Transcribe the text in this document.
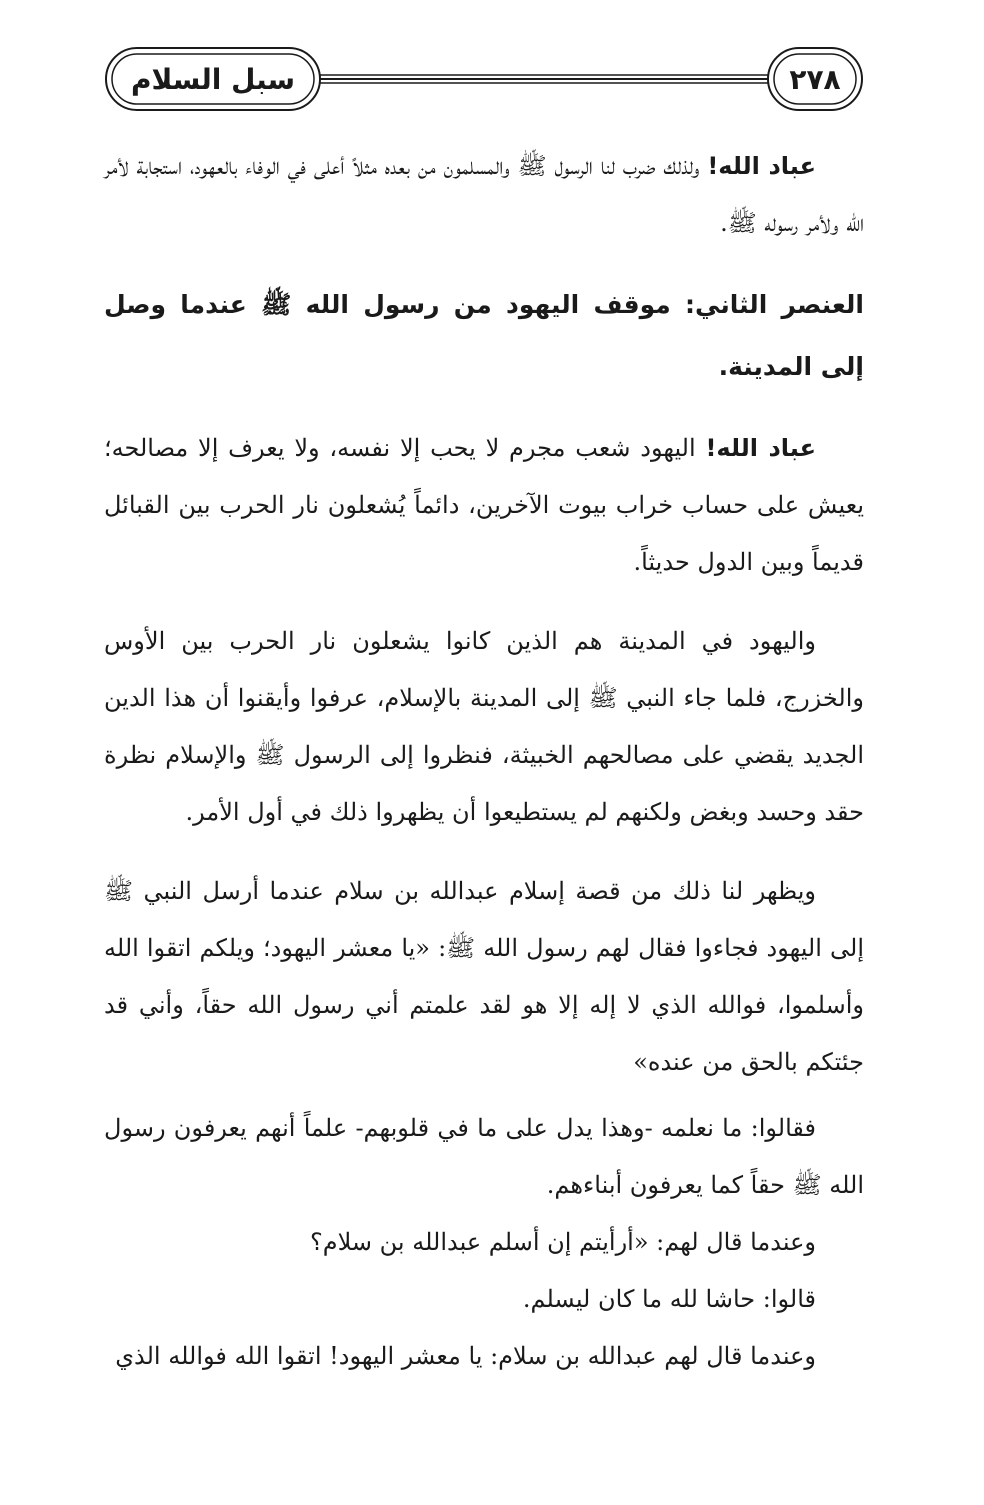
سبل السلام	٢٧٨

عباد الله! ولذلك ضرب لنا الرسول ﷺ والمسلمون من بعده مثلاً أعلى في الوفاء بالعهود، استجابة لأمر الله ولأمر رسوله ﷺ.

العنصر الثاني: موقف اليهود من رسول الله ﷺ عندما وصل إلى المدينة.

عباد الله! اليهود شعب مجرم لا يحب إلا نفسه، ولا يعرف إلا مصالحه؛ يعيش على حساب خراب بيوت الآخرين، دائماً يُشعلون نار الحرب بين القبائل قديماً وبين الدول حديثاً.

واليهود في المدينة هم الذين كانوا يشعلون نار الحرب بين الأوس والخزرج، فلما جاء النبي ﷺ إلى المدينة بالإسلام، عرفوا وأيقنوا أن هذا الدين الجديد يقضي على مصالحهم الخبيثة، فنظروا إلى الرسول ﷺ والإسلام نظرة حقد وحسد وبغض ولكنهم لم يستطيعوا أن يظهروا ذلك في أول الأمر.

ويظهر لنا ذلك من قصة إسلام عبدالله بن سلام عندما أرسل النبي ﷺ إلى اليهود فجاءوا فقال لهم رسول الله ﷺ: «يا معشر اليهود؛ ويلكم اتقوا الله وأسلموا، فوالله الذي لا إله إلا هو لقد علمتم أني رسول الله حقاً، وأني قد جئتكم بالحق من عنده»

فقالوا: ما نعلمه -وهذا يدل على ما في قلوبهم- علماً أنهم يعرفون رسول الله ﷺ حقاً كما يعرفون أبناءهم.

وعندما قال لهم: «أرأيتم إن أسلم عبدالله بن سلام؟

قالوا: حاشا لله ما كان ليسلم.

وعندما قال لهم عبدالله بن سلام: يا معشر اليهود! اتقوا الله فوالله الذي
